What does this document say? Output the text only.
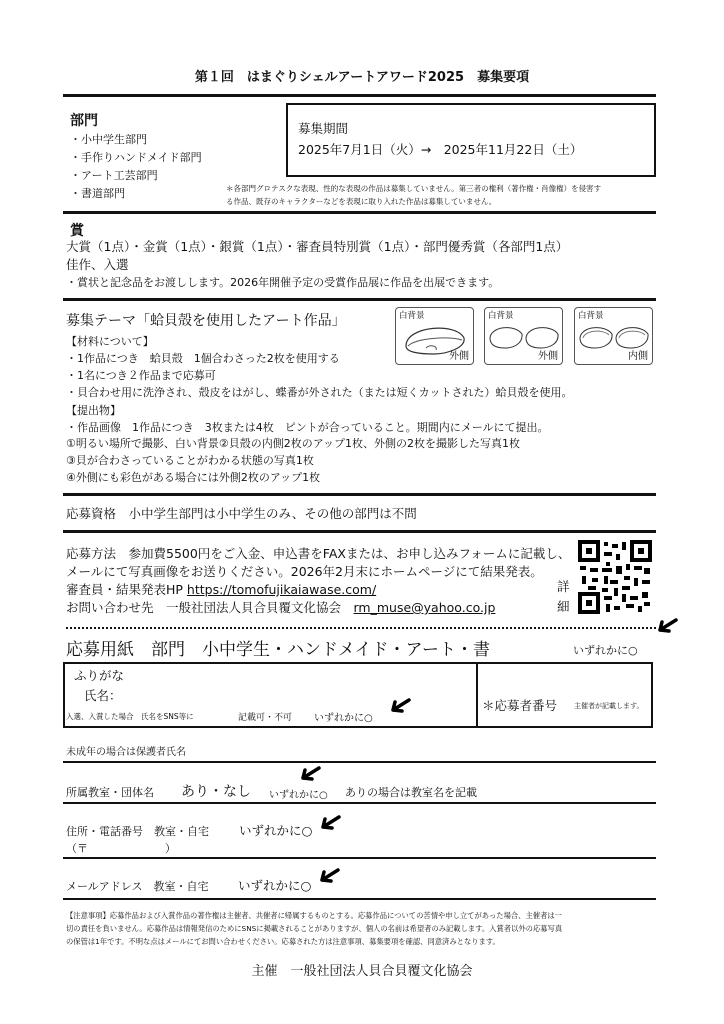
第１回　はまぐりシェルアートアワード2025　募集要項
部門
・小中学生部門
・手作りハンドメイド部門
・アート工芸部門
・書道部門
募集期間
2025年7月1日（火）→　2025年11月22日（土）
＊各部門グロテスクな表現、性的な表現の作品は募集していません。第三者の権利（著作権・肖像権）を侵害す
る作品、既存のキャラクターなどを表現に取り入れた作品は募集していません。
賞
大賞（1点）・金賞（1点）・銀賞（1点）・審査員特別賞（1点）・部門優秀賞（各部門1点）
佳作、入選
・賞状と記念品をお渡しします。2026年開催予定の受賞作品展に作品を出展できます。
募集テーマ「蛤貝殻を使用したアート作品」
【材料について】
・1作品につき　蛤貝殻　1個合わさった2枚を使用する
・1名につき２作品まで応募可
・貝合わせ用に洗浄され、殻皮をはがし、蝶番が外された（または短くカットされた）蛤貝殻を使用。
【提出物】
・作品画像　1作品につき　3枚または4枚　ピントが合っていること。期間内にメールにて提出。
①明るい場所で撮影、白い背景②貝殻の内側2枚のアップ1枚、外側の2枚を撮影した写真1枚
③貝が合わさっていることがわかる状態の写真1枚
④外側にも彩色がある場合には外側2枚のアップ1枚
白背景
外側
白背景
外側
白背景
内側
応募資格　小中学生部門は小中学生のみ、その他の部門は不問
応募方法　参加費5500円をご入金、申込書をFAXまたは、お申し込みフォームに記載し、
メールにて写真画像をお送りください。2026年2月末にホームページにて結果発表。
審査員・結果発表HP https://tomofujikaiawase.com/
お問い合わせ先　一般社団法人貝合貝覆文化協会　rm_muse@yahoo.co.jp
詳
細
応募用紙　部門　小中学生・ハンドメイド・アート・書	いずれかに○
ふりがな
氏名：
入選、入賞した場合　氏名をSNS等に	記載可・不可 いずれかに○
＊応募者番号 主催者が記載します。
未成年の場合は保護者氏名
所属教室・団体名 あり・なし いずれかに○ ありの場合は教室名を記載
住所・電話番号　教室・自宅 いずれかに○
（〒　　　　　　　）
メールアドレス　教室・自宅 いずれかに○
【注意事項】応募作品および入賞作品の著作権は主催者、共催者に帰属するものとする。応募作品についての苦情や申し立てがあった場合、主催者は一
切の責任を負いません。応募作品は情報発信のためにSNSに掲載されることがありますが、個人の名前は希望者のみ記載します。入賞者以外の応募写真
の保管は1年です。不明な点はメールにてお問い合わせください。応募された方は注意事項、募集要項を確認、同意済みとなります。
主催　一般社団法人貝合貝覆文化協会
